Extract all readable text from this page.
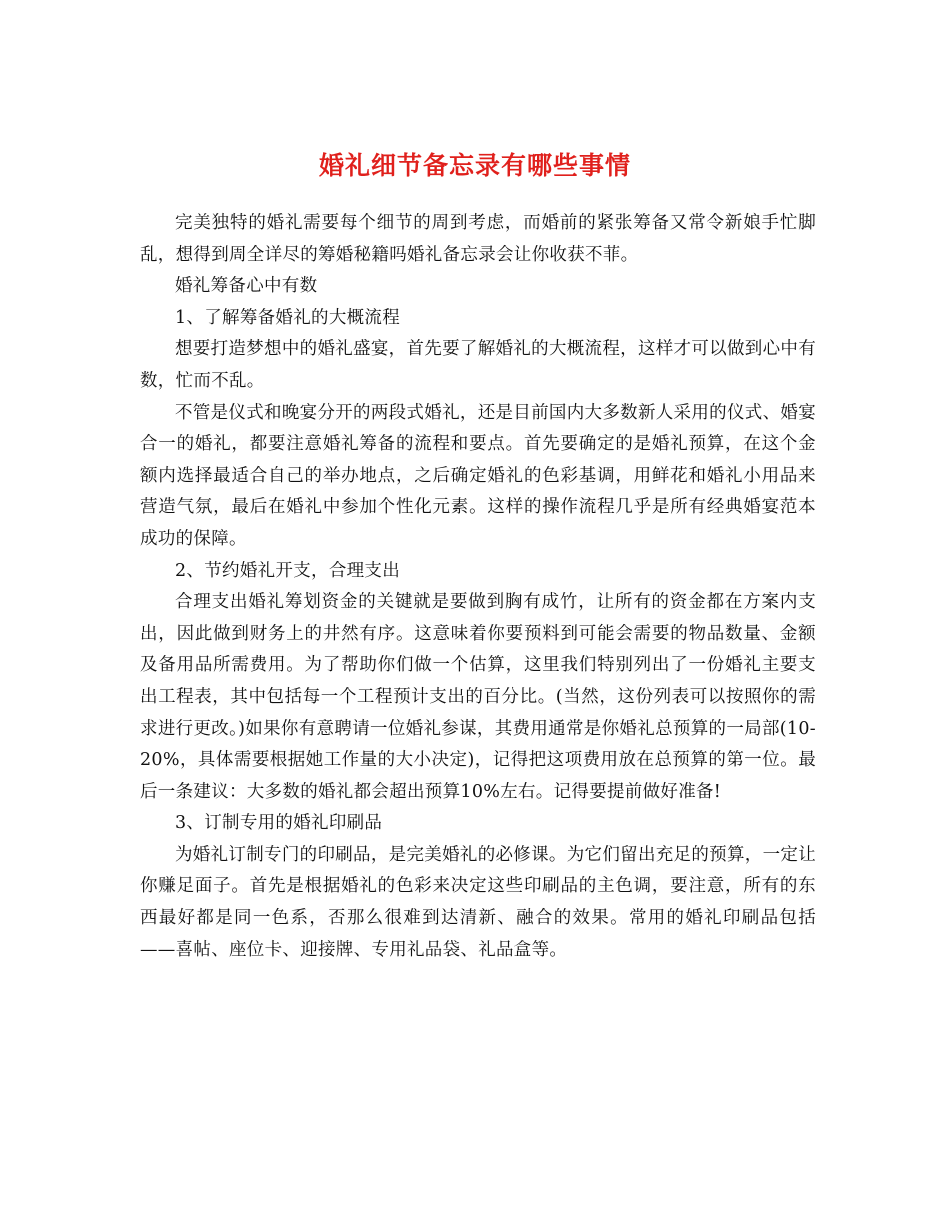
婚礼细节备忘录有哪些事情

完美独特的婚礼需要每个细节的周到考虑，而婚前的紧张筹备又常令新娘手忙脚乱，想得到周全详尽的筹婚秘籍吗婚礼备忘录会让你收获不菲。

婚礼筹备心中有数

1、了解筹备婚礼的大概流程

想要打造梦想中的婚礼盛宴，首先要了解婚礼的大概流程，这样才可以做到心中有数，忙而不乱。

不管是仪式和晚宴分开的两段式婚礼，还是目前国内大多数新人采用的仪式、婚宴合一的婚礼，都要注意婚礼筹备的流程和要点。首先要确定的是婚礼预算，在这个金额内选择最适合自己的举办地点，之后确定婚礼的色彩基调，用鲜花和婚礼小用品来营造气氛，最后在婚礼中参加个性化元素。这样的操作流程几乎是所有经典婚宴范本成功的保障。

2、节约婚礼开支，合理支出

合理支出婚礼筹划资金的关键就是要做到胸有成竹，让所有的资金都在方案内支出，因此做到财务上的井然有序。这意味着你要预料到可能会需要的物品数量、金额及备用品所需费用。为了帮助你们做一个估算，这里我们特别列出了一份婚礼主要支出工程表，其中包括每一个工程预计支出的百分比。(当然，这份列表可以按照你的需求进行更改。)如果你有意聘请一位婚礼参谋，其费用通常是你婚礼总预算的一局部(10-20%，具体需要根据她工作量的大小决定)，记得把这项费用放在总预算的第一位。最后一条建议：大多数的婚礼都会超出预算10%左右。记得要提前做好准备!

3、订制专用的婚礼印刷品

为婚礼订制专门的印刷品，是完美婚礼的必修课。为它们留出充足的预算，一定让你赚足面子。首先是根据婚礼的色彩来决定这些印刷品的主色调，要注意，所有的东西最好都是同一色系，否那么很难到达清新、融合的效果。常用的婚礼印刷品包括——喜帖、座位卡、迎接牌、专用礼品袋、礼品盒等。
